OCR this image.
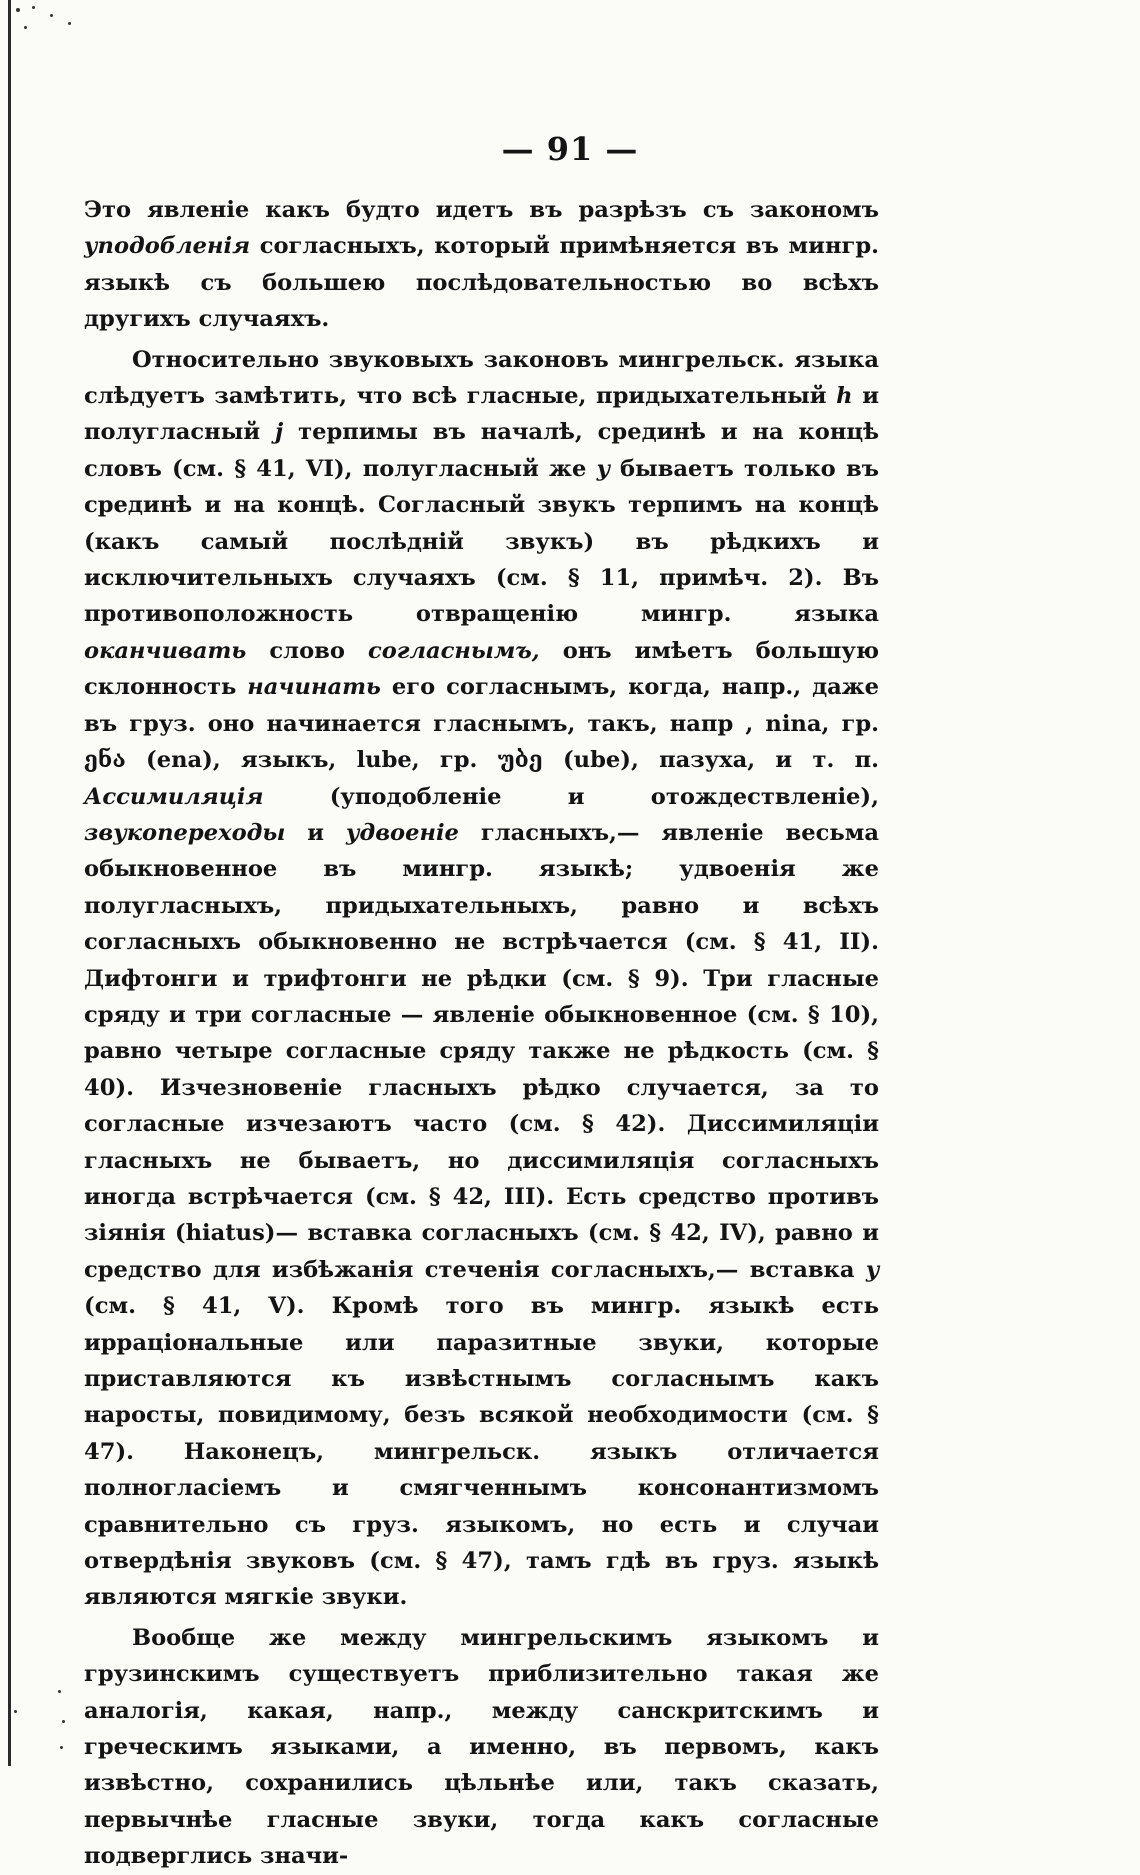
— 91 —

Это явленіе какъ будто идетъ въ разрѣзъ съ закономъ уподобленія согласныхъ, который примѣняется въ мингр. языкѣ съ большею послѣдовательностью во всѣхъ другихъ случаяхъ.

Относительно звуковыхъ законовъ мингрельск. языка слѣдуетъ замѣтить, что всѣ гласные, придыхательный h и полугласный j терпимы въ началѣ, срединѣ и на концѣ словъ (см. § 41, VI), полугласный же y бываетъ только въ срединѣ и на концѣ. Согласный звукъ терпимъ на концѣ (какъ самый послѣдній звукъ) въ рѣдкихъ и исключительныхъ случаяхъ (см. § 11, примѣч. 2). Въ противоположность отвращенію мингр. языка оканчивать слово согласнымъ, онъ имѣетъ большую склонность начинать его согласнымъ, когда, напр., даже въ груз. оно начинается гласнымъ, такъ, напр , nina, гр. ენა (ena), языкъ, lube, гр. უბე (ube), пазуха, и т. п. Ассимиляція (уподобленіе и отождествленіе), звукопереходы и удвоеніе гласныхъ,— явленіе весьма обыкновенное въ мингр. языкѣ; удвоенія же полугласныхъ, придыхательныхъ, равно и всѣхъ согласныхъ обыкновенно не встрѣчается (см. § 41, II). Дифтонги и трифтонги не рѣдки (см. § 9). Три гласные сряду и три согласные — явленіе обыкновенное (см. § 10), равно четыре согласные сряду также не рѣдкость (см. § 40). Изчезновеніе гласныхъ рѣдко случается, за то согласные изчезаютъ часто (см. § 42). Диссимиляціи гласныхъ не бываетъ, но диссимиляція согласныхъ иногда встрѣчается (см. § 42, III). Есть средство противъ зіянія (hiatus)— вставка согласныхъ (см. § 42, IV), равно и средство для избѣжанія стеченія согласныхъ,— вставка y (см. § 41, V). Кромѣ того въ мингр. языкѣ есть ирраціональные или паразитные звуки, которые приставляются къ извѣстнымъ согласнымъ какъ наросты, повидимому, безъ всякой необходимости (см. § 47). Наконецъ, мингрельск. языкъ отличается полногласіемъ и смягченнымъ консонантизмомъ сравнительно съ груз. языкомъ, но есть и случаи отвердѣнія звуковъ (см. § 47), тамъ гдѣ въ груз. языкѣ являются мягкіе звуки.

Вообще же между мингрельскимъ языкомъ и грузинскимъ существуетъ приблизительно такая же аналогія, какая, напр., между санскритскимъ и греческимъ языками, а именно, въ первомъ, какъ извѣстно, сохранились цѣльнѣе или, такъ сказать, первычнѣе гласные звуки, тогда какъ согласные подверглись значи-
